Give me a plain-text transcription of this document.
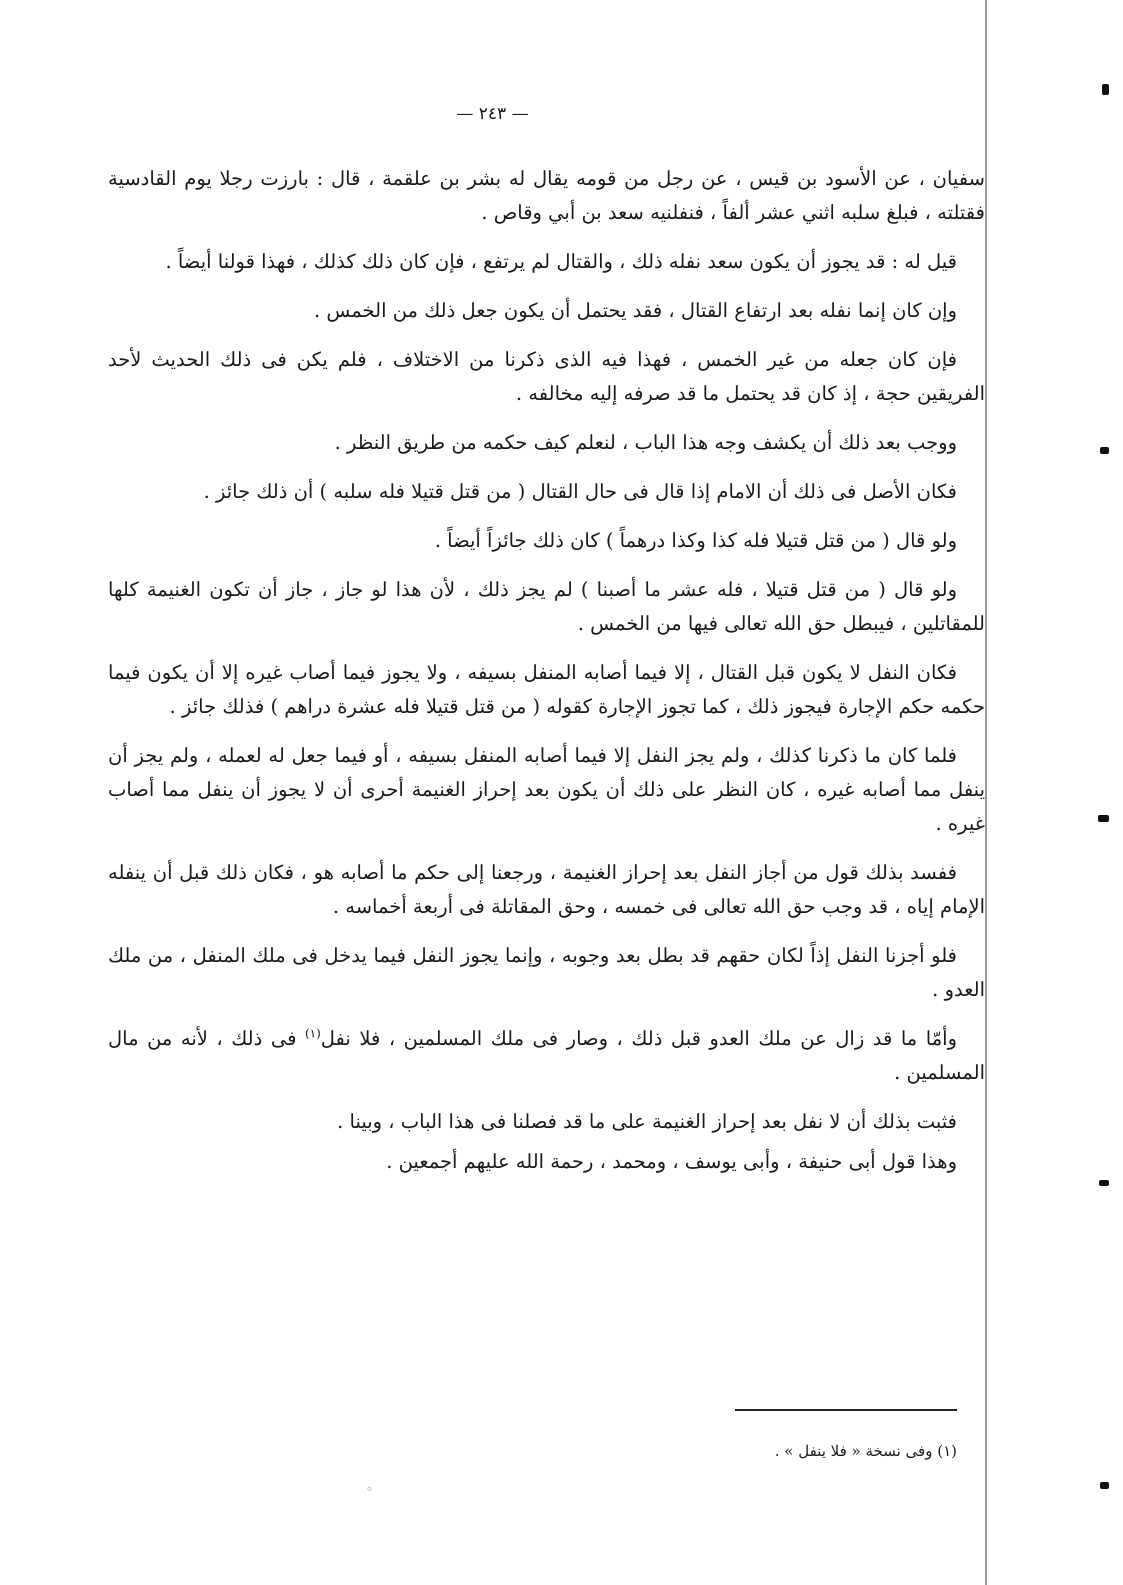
— ٢٤٣ —

سفيان ، عن الأسود بن قيس ، عن رجل من قومه يقال له بشر بن علقمة ، قال : بارزت رجلا يوم القادسية فقتلته ، فبلغ سلبه اثني عشر ألفاً ، فنفلنيه سعد بن أبي وقاص .

قيل له : قد يجوز أن يكون سعد نفله ذلك ، والقتال لم يرتفع ، فإن كان ذلك كذلك ، فهذا قولنا أيضاً .

وإن كان إنما نفله بعد ارتفاع القتال ، فقد يحتمل أن يكون جعل ذلك من الخمس .

فإن كان جعله من غير الخمس ، فهذا فيه الذى ذكرنا من الاختلاف ، فلم يكن فى ذلك الحديث لأحد الفريقين حجة ، إذ كان قد يحتمل ما قد صرفه إليه مخالفه .

ووجب بعد ذلك أن يكشف وجه هذا الباب ، لنعلم كيف حكمه من طريق النظر .

فكان الأصل فى ذلك أن الامام إذا قال فى حال القتال ( من قتل قتيلا فله سلبه ) أن ذلك جائز .

ولو قال ( من قتل قتيلا فله كذا وكذا درهماً ) كان ذلك جائزاً أيضاً .

ولو قال ( من قتل قتيلا ، فله عشر ما أصبنا ) لم يجز ذلك ، لأن هذا لو جاز ، جاز أن تكون الغنيمة كلها للمقاتلين ، فيبطل حق الله تعالى فيها من الخمس .

فكان النفل لا يكون قبل القتال ، إلا فيما أصابه المنفل بسيفه ، ولا يجوز فيما أصاب غيره إلا أن يكون فيما حكمه حكم الإجارة فيجوز ذلك ، كما تجوز الإجارة كقوله ( من قتل قتيلا فله عشرة دراهم ) فذلك جائز .

فلما كان ما ذكرنا كذلك ، ولم يجز النفل إلا فيما أصابه المنفل بسيفه ، أو فيما جعل له لعمله ، ولم يجز أن ينفل مما أصابه غيره ، كان النظر على ذلك أن يكون بعد إحراز الغنيمة أحرى أن لا يجوز أن ينفل مما أصاب غيره .

ففسد بذلك قول من أجاز النفل بعد إحراز الغنيمة ، ورجعنا إلى حكم ما أصابه هو ، فكان ذلك قبل أن ينفله الإمام إياه ، قد وجب حق الله تعالى فى خمسه ، وحق المقاتلة فى أربعة أخماسه .

فلو أجزنا النفل إذاً لكان حقهم قد بطل بعد وجوبه ، وإنما يجوز النفل فيما يدخل فى ملك المنفل ، من ملك العدو .

وأمّا ما قد زال عن ملك العدو قبل ذلك ، وصار فى ملك المسلمين ، فلا نفل$^{(١)}$ فى ذلك ، لأنه من مال المسلمين .

فثبت بذلك أن لا نفل بعد إحراز الغنيمة على ما قد فصلنا فى هذا الباب ، وبينا .

وهذا قول أبى حنيفة ، وأبى يوسف ، ومحمد ، رحمة الله عليهم أجمعين .

(١) وفى نسخة « فلا ينفل » .
◦
